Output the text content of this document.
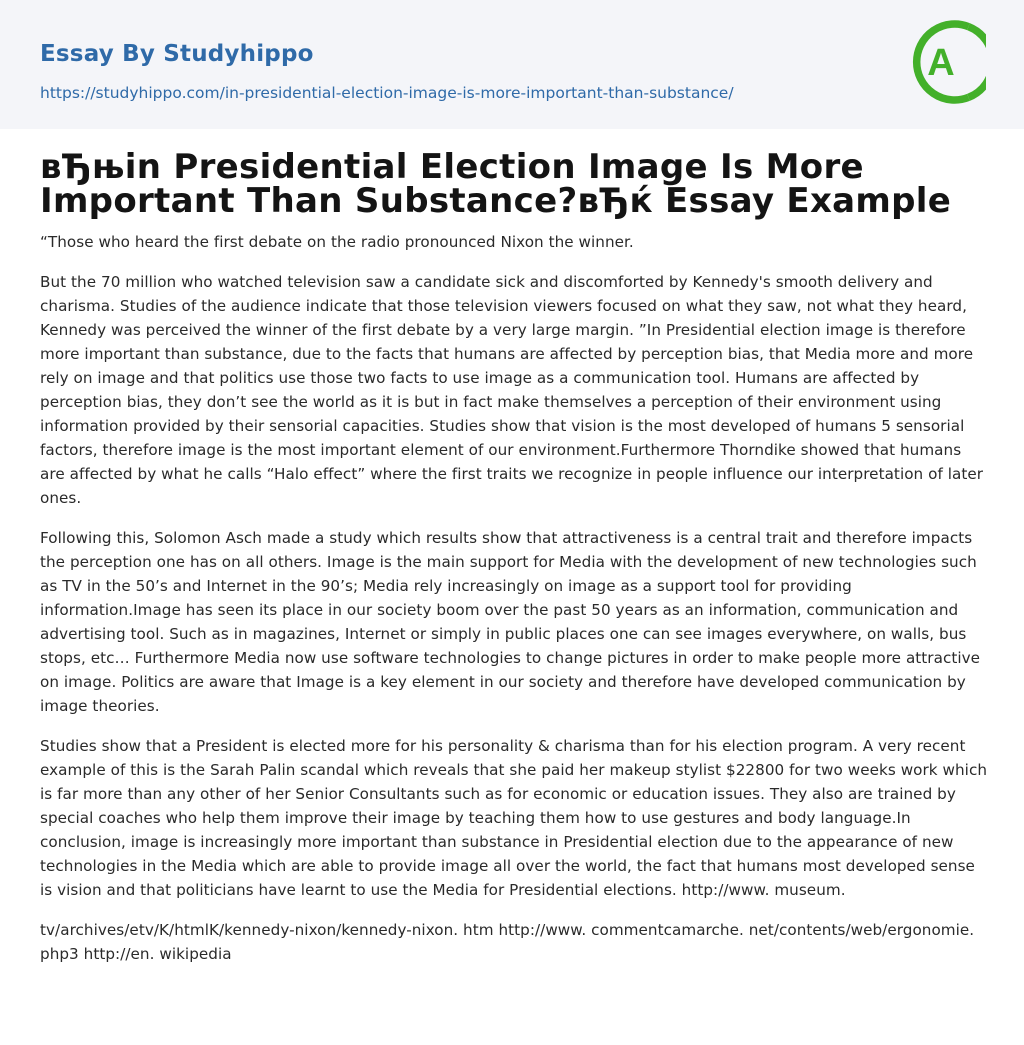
Essay By Studyhippo
https://studyhippo.com/in-presidential-election-image-is-more-important-than-substance/
A
вЂњin Presidential Election Image Is More Important Than Substance?вЂќ Essay Example

“Those who heard the first debate on the radio pronounced Nixon the winner.

But the 70 million who watched television saw a candidate sick and discomforted by Kennedy's smooth delivery and charisma. Studies of the audience indicate that those television viewers focused on what they saw, not what they heard, Kennedy was perceived the winner of the first debate by a very large margin. ”In Presidential election image is therefore more important than substance, due to the facts that humans are affected by perception bias, that Media more and more rely on image and that politics use those two facts to use image as a communication tool. Humans are affected by perception bias, they don’t see the world as it is but in fact make themselves a perception of their environment using information provided by their sensorial capacities. Studies show that vision is the most developed of humans 5 sensorial factors, therefore image is the most important element of our environment.Furthermore Thorndike showed that humans are affected by what he calls “Halo effect” where the first traits we recognize in people influence our interpretation of later ones.

Following this, Solomon Asch made a study which results show that attractiveness is a central trait and therefore impacts the perception one has on all others. Image is the main support for Media with the development of new technologies such as TV in the 50’s and Internet in the 90’s; Media rely increasingly on image as a support tool for providing information.Image has seen its place in our society boom over the past 50 years as an information, communication and advertising tool. Such as in magazines, Internet or simply in public places one can see images everywhere, on walls, bus stops, etc… Furthermore Media now use software technologies to change pictures in order to make people more attractive on image. Politics are aware that Image is a key element in our society and therefore have developed communication by image theories.

Studies show that a President is elected more for his personality & charisma than for his election program. A very recent example of this is the Sarah Palin scandal which reveals that she paid her makeup stylist $22800 for two weeks work which is far more than any other of her Senior Consultants such as for economic or education issues. They also are trained by special coaches who help them improve their image by teaching them how to use gestures and body language.In conclusion, image is increasingly more important than substance in Presidential election due to the appearance of new technologies in the Media which are able to provide image all over the world, the fact that humans most developed sense is vision and that politicians have learnt to use the Media for Presidential elections. http://www. museum.

tv/archives/etv/K/htmlK/kennedy-nixon/kennedy-nixon. htm http://www. commentcamarche. net/contents/web/ergonomie. php3 http://en. wikipedia
